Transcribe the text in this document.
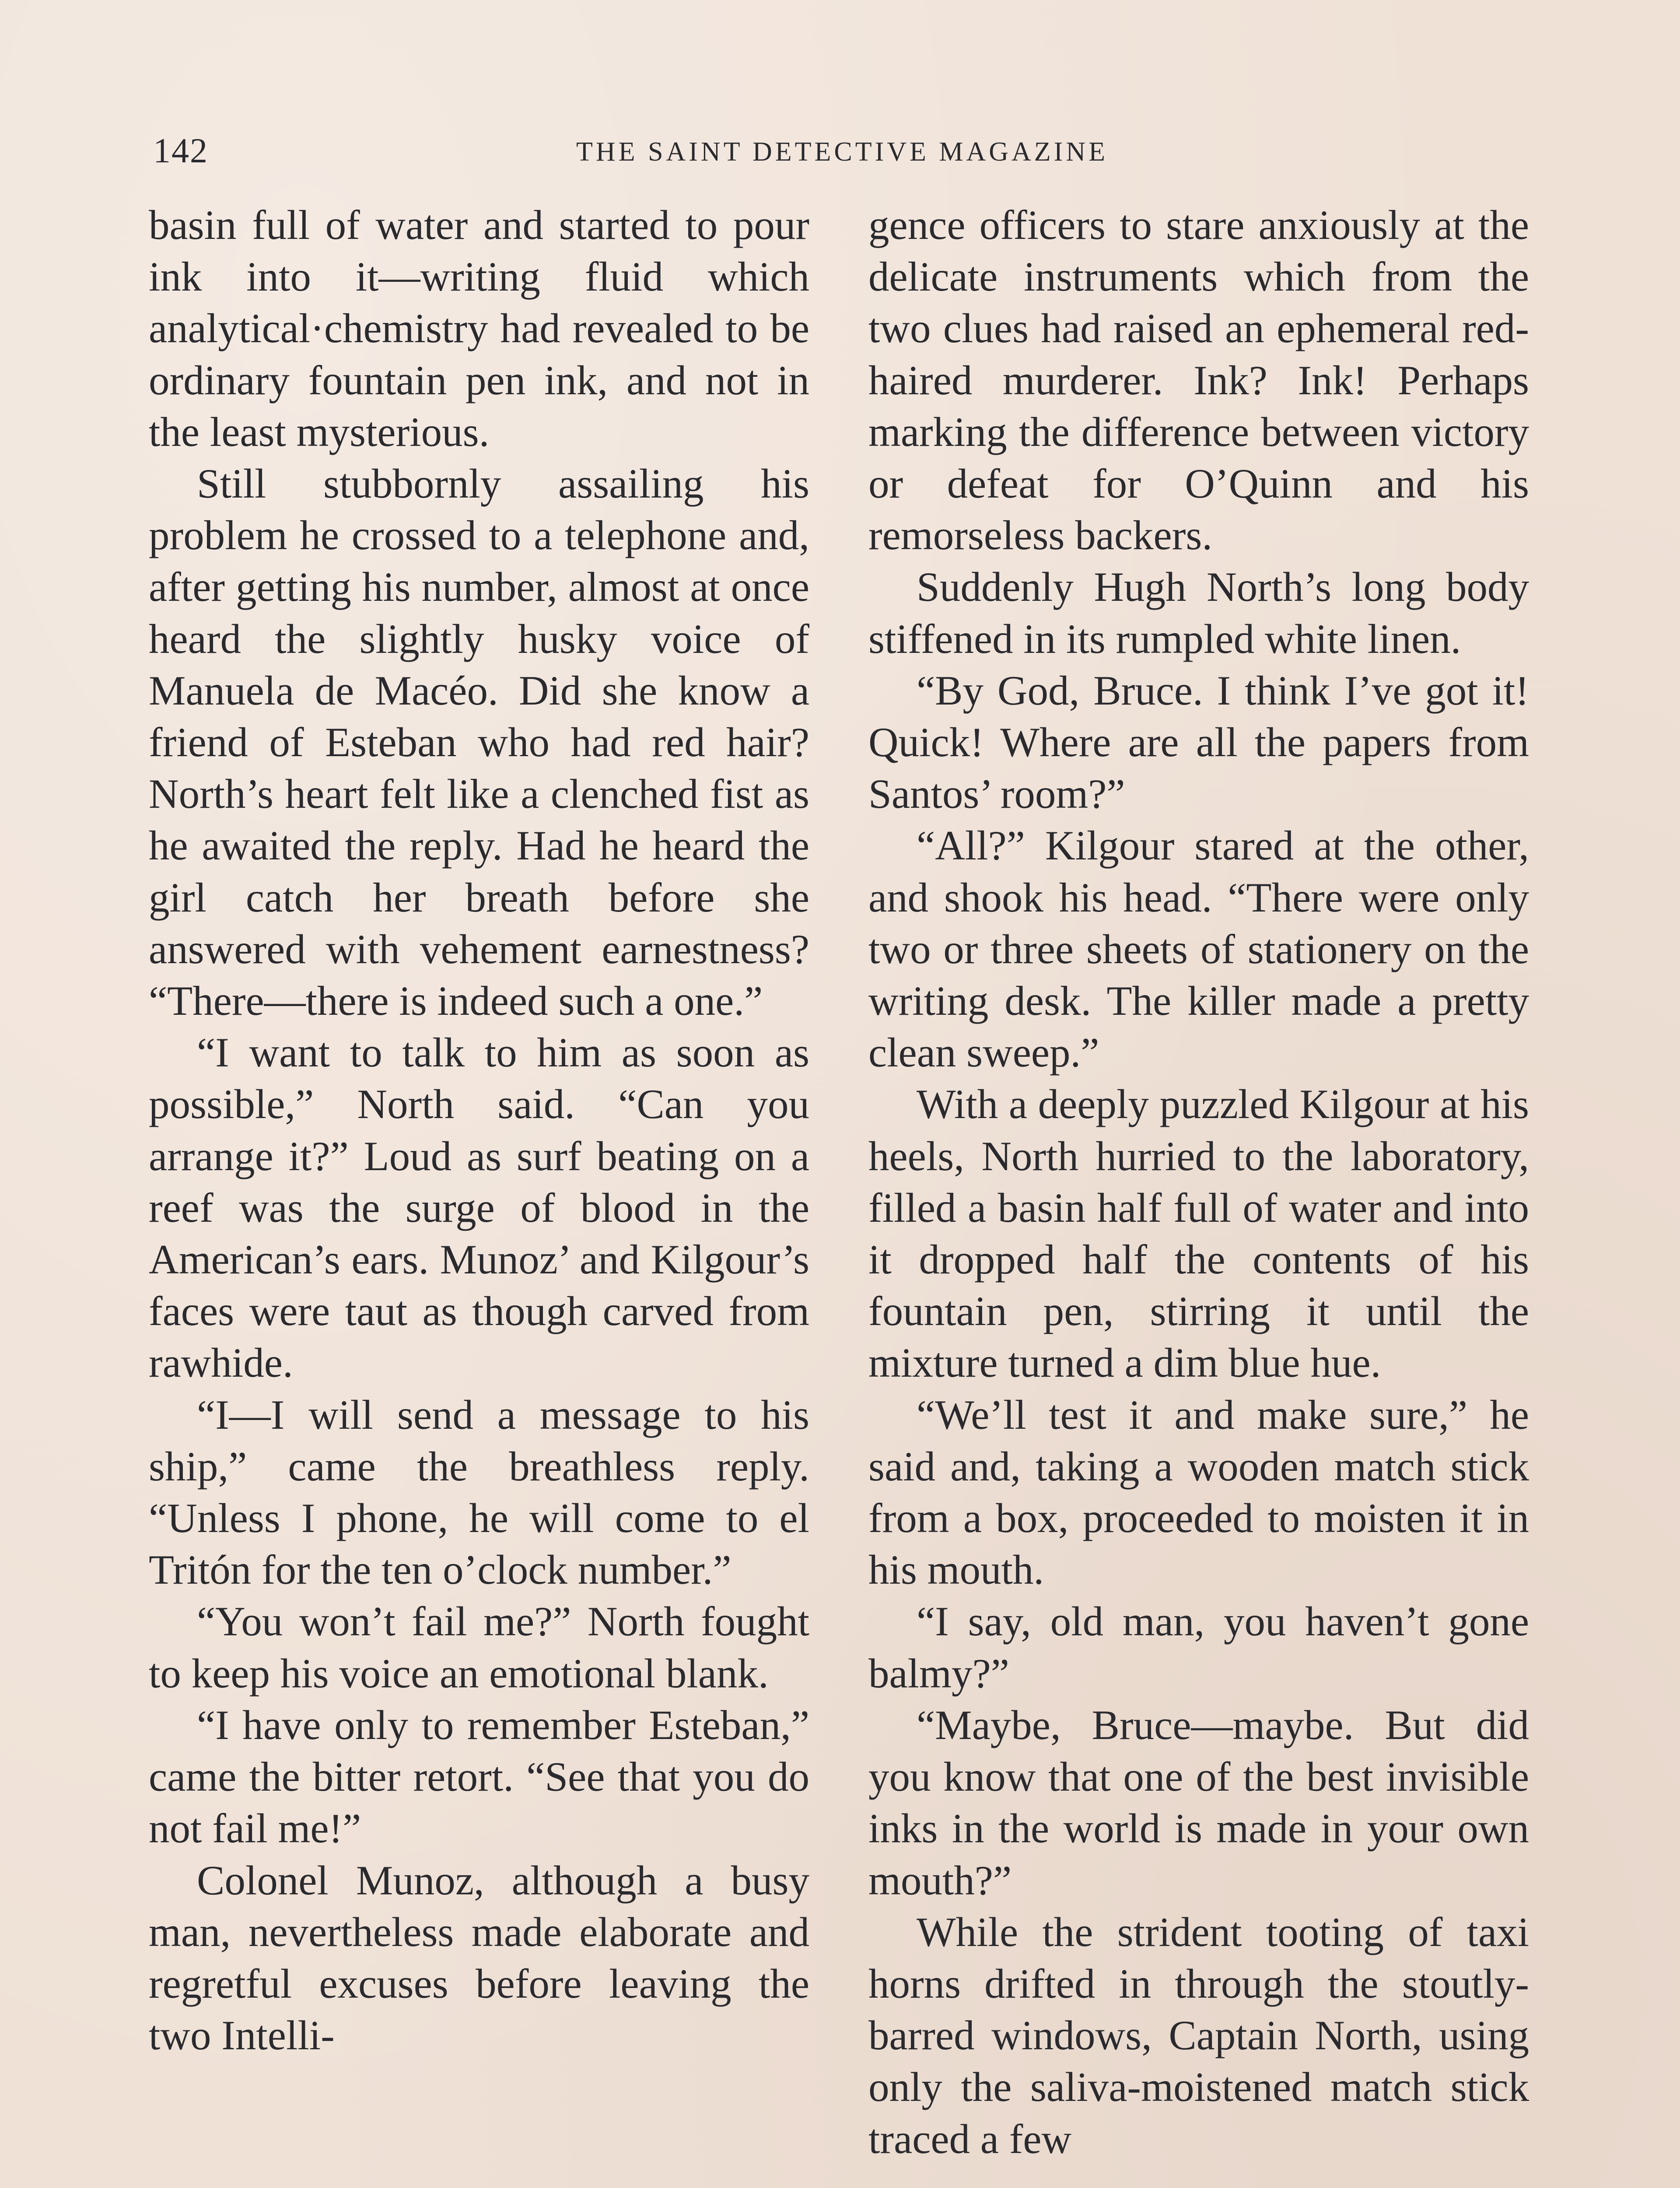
142	THE SAINT DETECTIVE MAGAZINE

basin full of water and started to pour ink into it—writing fluid which analytical·chemistry had revealed to be ordinary fountain pen ink, and not in the least mysterious.

Still stubbornly assailing his problem he crossed to a telephone and, after getting his number, almost at once heard the slightly husky voice of Manuela de Macéo. Did she know a friend of Esteban who had red hair? North’s heart felt like a clenched fist as he awaited the reply. Had he heard the girl catch her breath before she answered with vehement earnestness? “There—there is indeed such a one.”

“I want to talk to him as soon as possible,” North said. “Can you arrange it?” Loud as surf beating on a reef was the surge of blood in the American’s ears. Munoz’ and Kilgour’s faces were taut as though carved from rawhide.

“I—I will send a message to his ship,” came the breathless reply. “Unless I phone, he will come to el Tritón for the ten o’clock number.”

“You won’t fail me?” North fought to keep his voice an emotional blank.

“I have only to remember Esteban,” came the bitter retort. “See that you do not fail me!”

Colonel Munoz, although a busy man, nevertheless made elaborate and regretful excuses before leaving the two Intelli-

gence officers to stare anxiously at the delicate instruments which from the two clues had raised an ephemeral red-haired murderer. Ink? Ink! Perhaps marking the difference between victory or defeat for O’Quinn and his remorseless backers.

Suddenly Hugh North’s long body stiffened in its rumpled white linen.

“By God, Bruce. I think I’ve got it! Quick! Where are all the papers from Santos’ room?”

“All?” Kilgour stared at the other, and shook his head. “There were only two or three sheets of stationery on the writing desk. The killer made a pretty clean sweep.”

With a deeply puzzled Kilgour at his heels, North hurried to the laboratory, filled a basin half full of water and into it dropped half the contents of his fountain pen, stirring it until the mixture turned a dim blue hue.

“We’ll test it and make sure,” he said and, taking a wooden match stick from a box, proceeded to moisten it in his mouth.

“I say, old man, you haven’t gone balmy?”

“Maybe, Bruce—maybe. But did you know that one of the best invisible inks in the world is made in your own mouth?”

While the strident tooting of taxi horns drifted in through the stoutly-barred windows, Captain North, using only the saliva-moistened match stick traced a few
